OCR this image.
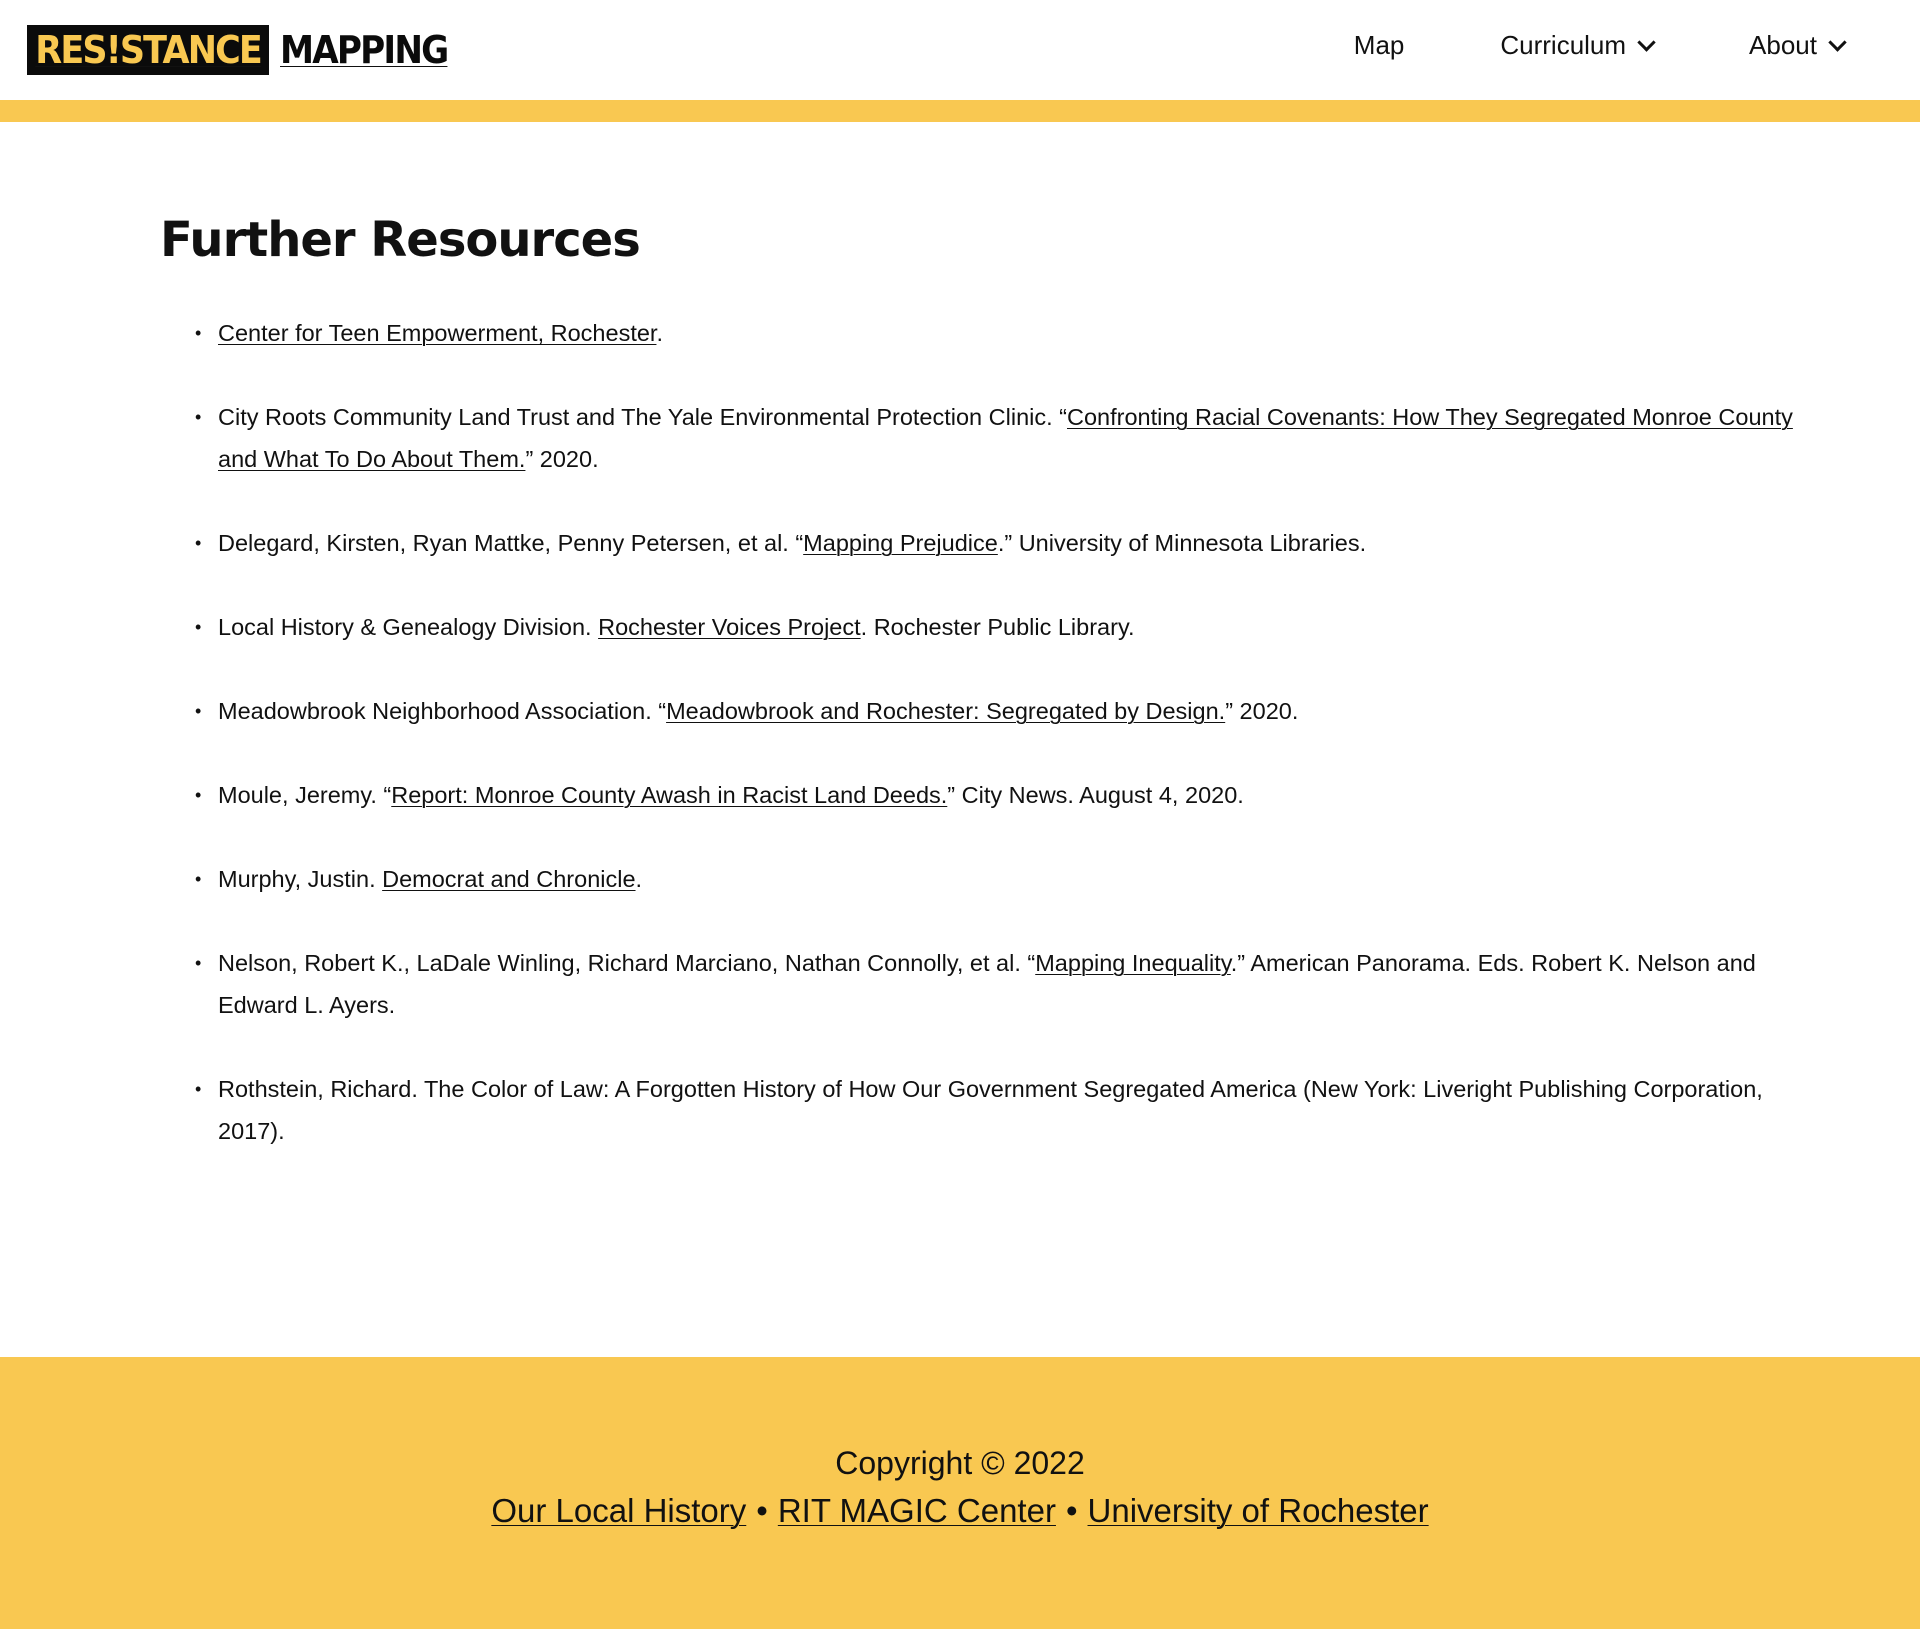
RES!STANCE MAPPING	Map	Curriculum	About
Further Resources
• Center for Teen Empowerment, Rochester.
• City Roots Community Land Trust and The Yale Environmental Protection Clinic. “Confronting Racial Covenants: How They Segregated Monroe County and What To Do About Them.” 2020.
• Delegard, Kirsten, Ryan Mattke, Penny Petersen, et al. “Mapping Prejudice.” University of Minnesota Libraries.
• Local History & Genealogy Division. Rochester Voices Project. Rochester Public Library.
• Meadowbrook Neighborhood Association. “Meadowbrook and Rochester: Segregated by Design.” 2020.
• Moule, Jeremy. “Report: Monroe County Awash in Racist Land Deeds.” City News. August 4, 2020.
• Murphy, Justin. Democrat and Chronicle.
• Nelson, Robert K., LaDale Winling, Richard Marciano, Nathan Connolly, et al. “Mapping Inequality.” American Panorama. Eds. Robert K. Nelson and Edward L. Ayers.
• Rothstein, Richard. The Color of Law: A Forgotten History of How Our Government Segregated America (New York: Liveright Publishing Corporation, 2017).
Copyright © 2022
Our Local History • RIT MAGIC Center • University of Rochester
